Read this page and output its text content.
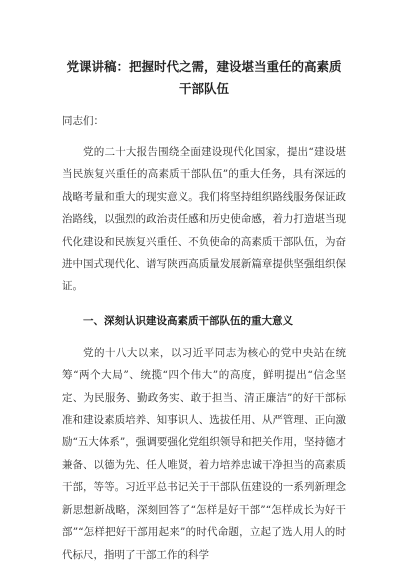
党课讲稿：把握时代之需，建设堪当重任的高素质干部队伍
同志们：

党的二十大报告围绕全面建设现代化国家，提出“建设堪当民族复兴重任的高素质干部队伍”的重大任务，具有深远的战略考量和重大的现实意义。我们将坚持组织路线服务保证政治路线，以强烈的政治责任感和历史使命感，着力打造堪当现代化建设和民族复兴重任、不负使命的高素质干部队伍，为奋进中国式现代化、谱写陕西高质量发展新篇章提供坚强组织保证。

一、深刻认识建设高素质干部队伍的重大意义

党的十八大以来，以习近平同志为核心的党中央站在统筹“两个大局”、统揽“四个伟大”的高度，鲜明提出“信念坚定、为民服务、勤政务实、敢于担当、清正廉洁”的好干部标准和建设素质培养、知事识人、选拔任用、从严管理、正向激励“五大体系”，强调要强化党组织领导和把关作用，坚持德才兼备、以德为先、任人唯贤，着力培养忠诚干净担当的高素质干部，等等。习近平总书记关于干部队伍建设的一系列新理念新思想新战略，深刻回答了“怎样是好干部”“怎样成长为好干部”“怎样把好干部用起来”的时代命题，立起了选人用人的时代标尺，指明了干部工作的科学
